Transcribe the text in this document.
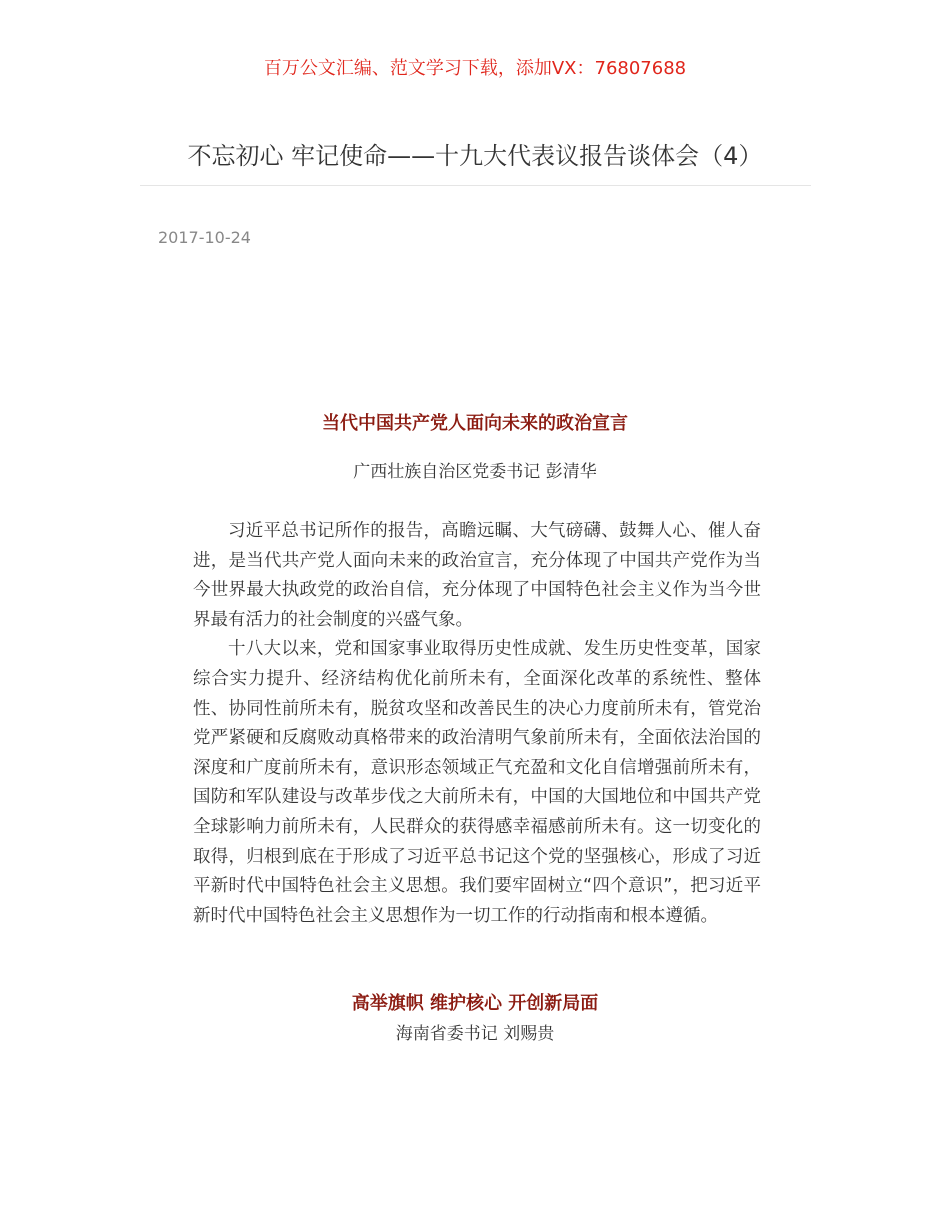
百万公文汇编、范文学习下载，添加VX：76807688
不忘初心 牢记使命——十九大代表议报告谈体会（4）
2017-10-24
当代中国共产党人面向未来的政治宣言
广西壮族自治区党委书记 彭清华

习近平总书记所作的报告，高瞻远瞩、大气磅礴、鼓舞人心、催人奋进，是当代共产党人面向未来的政治宣言，充分体现了中国共产党作为当今世界最大执政党的政治自信，充分体现了中国特色社会主义作为当今世界最有活力的社会制度的兴盛气象。

十八大以来，党和国家事业取得历史性成就、发生历史性变革，国家综合实力提升、经济结构优化前所未有，全面深化改革的系统性、整体性、协同性前所未有，脱贫攻坚和改善民生的决心力度前所未有，管党治党严紧硬和反腐败动真格带来的政治清明气象前所未有，全面依法治国的深度和广度前所未有，意识形态领域正气充盈和文化自信增强前所未有，国防和军队建设与改革步伐之大前所未有，中国的大国地位和中国共产党全球影响力前所未有，人民群众的获得感幸福感前所未有。这一切变化的取得，归根到底在于形成了习近平总书记这个党的坚强核心，形成了习近平新时代中国特色社会主义思想。我们要牢固树立“四个意识”，把习近平新时代中国特色社会主义思想作为一切工作的行动指南和根本遵循。

高举旗帜 维护核心 开创新局面
海南省委书记 刘赐贵
